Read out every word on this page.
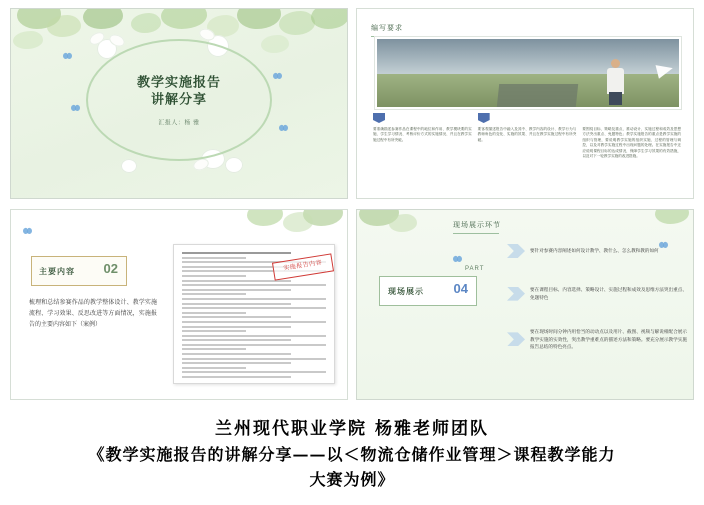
教学实施报告
讲解分享
汇报人：杨 雅
编写要求
要准确描述参赛作品在课程中的地位和作用、教学模块要的实施、学生学习情况、考核评价方式的实施情况、并且在教学实施过程中有所突破。
要客观描述报告中融入及其中、教学内容的设计、教学行为与教师角色的变化、实施的效果、并且在教学实施过程中有所突破。
要围绕目标、策略及重点、推动设计、实施过程和成效及思想方法突出重点、免题特色；教学实施报告的重点是教学实施的组织与管理，要说明教学实施的组织实施、过程的管理与调控，以及对教学实施过程中出现问题的处理。在实施报告中还应说明课程目标的达成情况，保障学生学习效果的有效措施，以及对下一轮教学实施的改进措施。
主要内容 02
梳理和总结参赛作品的教学整体设计、教学实施流程、学习效果、反思改进等方面情况，实施报告的主要内容如下（案例）
实施报告内容
现场展示环节
PART
现场展示 04
要针对参赛内容阐述如何设计教学、教什么、怎么教和教的如何
要在课程目标、内容选择、策略设计、实施过程和成效及思维方法突出重点、免题特色
要在现场时间分钟内用恰当的动动点以及用片、截图、视频与解说相配合展示教学实施的实效性，突出教学重难点的描述方法和策略。要充分展示教学实施报告总结的特色亮点。
兰州现代职业学院 杨雅老师团队
《教学实施报告的讲解分享——以＜物流仓储作业管理＞课程教学能力
大赛为例》
